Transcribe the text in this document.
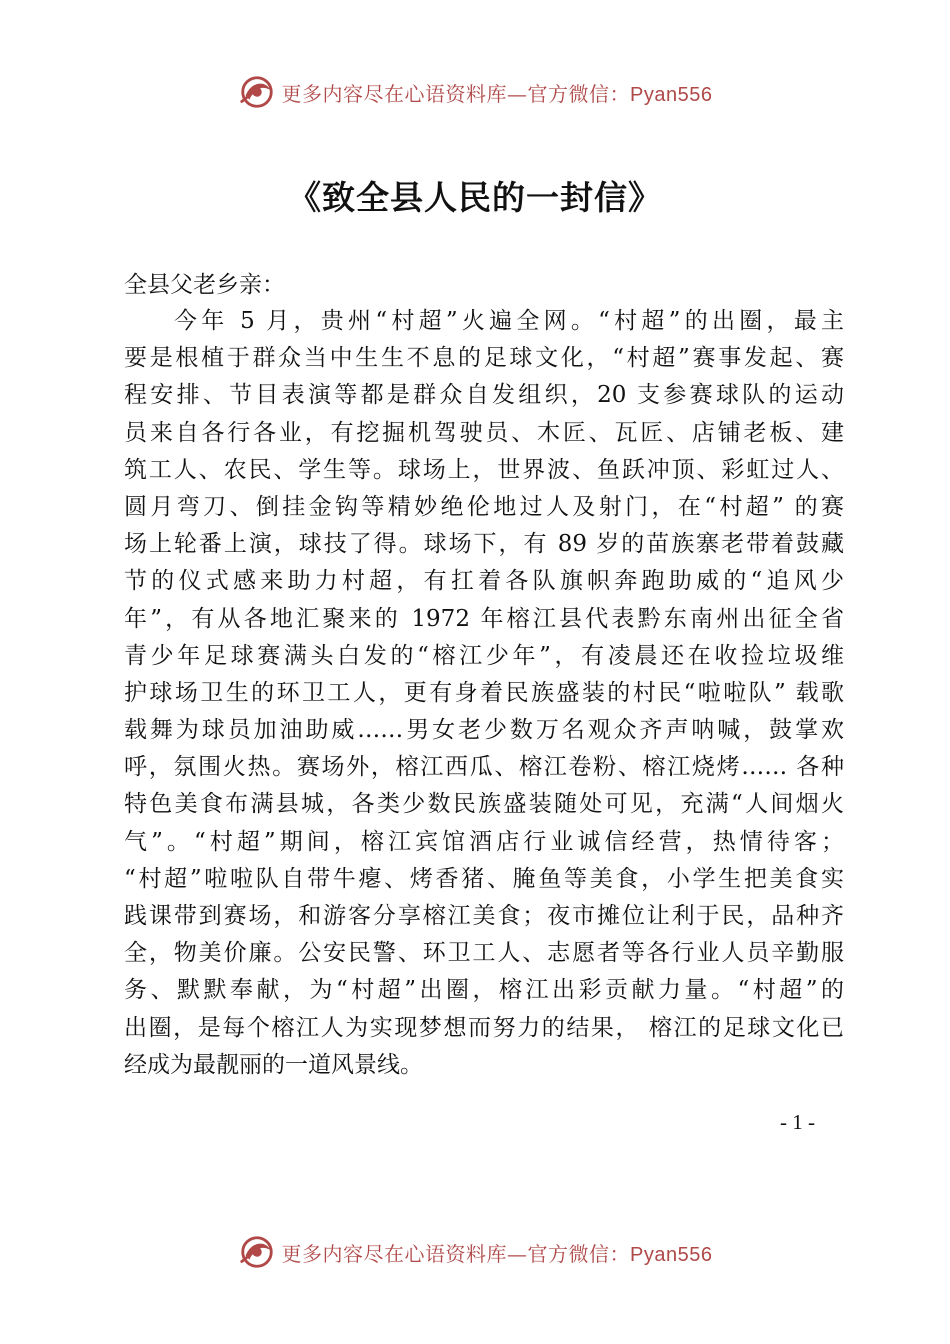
更多内容尽在心语资料库—官方微信：Pyan556
《致全县人民的一封信》

全县父老乡亲：

今年 5 月，贵州“村超”火遍全网。“村超”的出圈，最主
要是根植于群众当中生生不息的足球文化，“村超”赛事发起、赛
程安排、节目表演等都是群众自发组织，20 支参赛球队的运动
员来自各行各业，有挖掘机驾驶员、木匠、瓦匠、店铺老板、建
筑工人、农民、学生等。球场上，世界波、鱼跃冲顶、彩虹过人、
圆月弯刀、倒挂金钩等精妙绝伦地过人及射门，在“村超” 的赛
场上轮番上演，球技了得。球场下，有 89 岁的苗族寨老带着鼓藏
节的仪式感来助力村超，有扛着各队旗帜奔跑助威的“追风少
年”，有从各地汇聚来的 1972 年榕江县代表黔东南州出征全省
青少年足球赛满头白发的“榕江少年”，有凌晨还在收捡垃圾维
护球场卫生的环卫工人，更有身着民族盛装的村民“啦啦队” 载歌
载舞为球员加油助威……男女老少数万名观众齐声呐喊，鼓掌欢
呼，氛围火热。赛场外，榕江西瓜、榕江卷粉、榕江烧烤…… 各种
特色美食布满县城，各类少数民族盛装随处可见，充满“人间烟火
气”。“村超”期间，榕江宾馆酒店行业诚信经营，热情待客；
“村超”啦啦队自带牛瘪、烤香猪、腌鱼等美食，小学生把美食实
践课带到赛场，和游客分享榕江美食；夜市摊位让利于民，品种齐
全，物美价廉。公安民警、环卫工人、志愿者等各行业人员辛勤服
务、默默奉献，为“村超”出圈，榕江出彩贡献力量。“村超”的
出圈，是每个榕江人为实现梦想而努力的结果， 榕江的足球文化已
经成为最靓丽的一道风景线。
- 1 -
更多内容尽在心语资料库—官方微信：Pyan556
